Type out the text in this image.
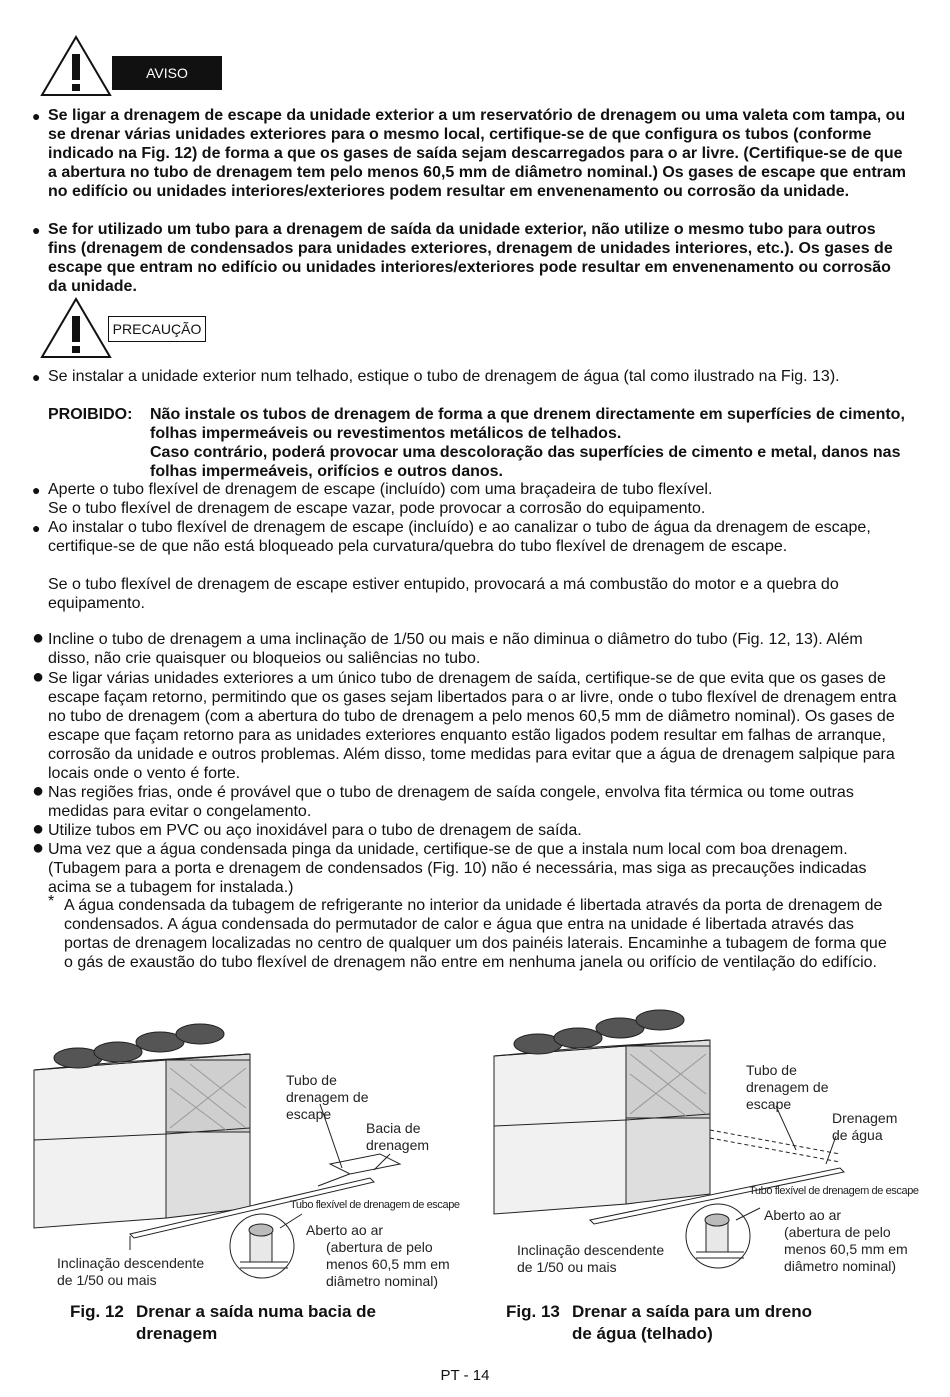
AVISO
● Se ligar a drenagem de escape da unidade exterior a um reservatório de drenagem ou uma valeta com tampa, ou se drenar várias unidades exteriores para o mesmo local, certifique-se de que configura os tubos (conforme indicado na Fig. 12) de forma a que os gases de saída sejam descarregados para o ar livre. (Certifique-se de que a abertura no tubo de drenagem tem pelo menos 60,5 mm de diâmetro nominal.) Os gases de escape que entram no edifício ou unidades interiores/exteriores podem resultar em envenenamento ou corrosão da unidade.
● Se for utilizado um tubo para a drenagem de saída da unidade exterior, não utilize o mesmo tubo para outros fins (drenagem de condensados para unidades exteriores, drenagem de unidades interiores, etc.). Os gases de escape que entram no edifício ou unidades interiores/exteriores pode resultar em envenenamento ou corrosão da unidade.
PRECAUÇÃO
● Se instalar a unidade exterior num telhado, estique o tubo de drenagem de água (tal como ilustrado na Fig. 13).
PROIBIDO: Não instale os tubos de drenagem de forma a que drenem directamente em superfícies de cimento, folhas impermeáveis ou revestimentos metálicos de telhados.
Caso contrário, poderá provocar uma descoloração das superfícies de cimento e metal, danos nas folhas impermeáveis, orifícios e outros danos.
● Aperte o tubo flexível de drenagem de escape (incluído) com uma braçadeira de tubo flexível.
Se o tubo flexível de drenagem de escape vazar, pode provocar a corrosão do equipamento.
● Ao instalar o tubo flexível de drenagem de escape (incluído) e ao canalizar o tubo de água da drenagem de escape, certifique-se de que não está bloqueado pela curvatura/quebra do tubo flexível de drenagem de escape.
Se o tubo flexível de drenagem de escape estiver entupido, provocará a má combustão do motor e a quebra do equipamento.
● Incline o tubo de drenagem a uma inclinação de 1/50 ou mais e não diminua o diâmetro do tubo (Fig. 12, 13). Além disso, não crie quaisquer ou bloqueios ou saliências no tubo.
● Se ligar várias unidades exteriores a um único tubo de drenagem de saída, certifique-se de que evita que os gases de escape façam retorno, permitindo que os gases sejam libertados para o ar livre, onde o tubo flexível de drenagem entra no tubo de drenagem (com a abertura do tubo de drenagem a pelo menos 60,5 mm de diâmetro nominal). Os gases de escape que façam retorno para as unidades exteriores enquanto estão ligados podem resultar em falhas de arranque, corrosão da unidade e outros problemas. Além disso, tome medidas para evitar que a água de drenagem salpique para locais onde o vento é forte.
● Nas regiões frias, onde é provável que o tubo de drenagem de saída congele, envolva fita térmica ou tome outras medidas para evitar o congelamento.
● Utilize tubos em PVC ou aço inoxidável para o tubo de drenagem de saída.
● Uma vez que a água condensada pinga da unidade, certifique-se de que a instala num local com boa drenagem. (Tubagem para a porta e drenagem de condensados (Fig. 10) não é necessária, mas siga as precauções indicadas acima se a tubagem for instalada.)
* A água condensada da tubagem de refrigerante no interior da unidade é libertada através da porta de drenagem de condensados. A água condensada do permutador de calor e água que entra na unidade é libertada através das portas de drenagem localizadas no centro de qualquer um dos painéis laterais. Encaminhe a tubagem de forma que o gás de exaustão do tubo flexível de drenagem não entre em nenhuma janela ou orifício de ventilação do edifício.
Tubo de
drenagem de
escape
Bacia de
drenagem
Tubo flexível de drenagem de escape
Aberto ao ar
(abertura de pelo
menos 60,5 mm em
diâmetro nominal)
Inclinação descendente
de 1/50 ou mais
Fig. 12 Drenar a saída numa bacia de
drenagem
Tubo de
drenagem de
escape
Drenagem
de água
Tubo flexível de drenagem de escape
Aberto ao ar
(abertura de pelo
menos 60,5 mm em
diâmetro nominal)
Inclinação descendente
de 1/50 ou mais
Fig. 13 Drenar a saída para um dreno
de água (telhado)
PT - 14
